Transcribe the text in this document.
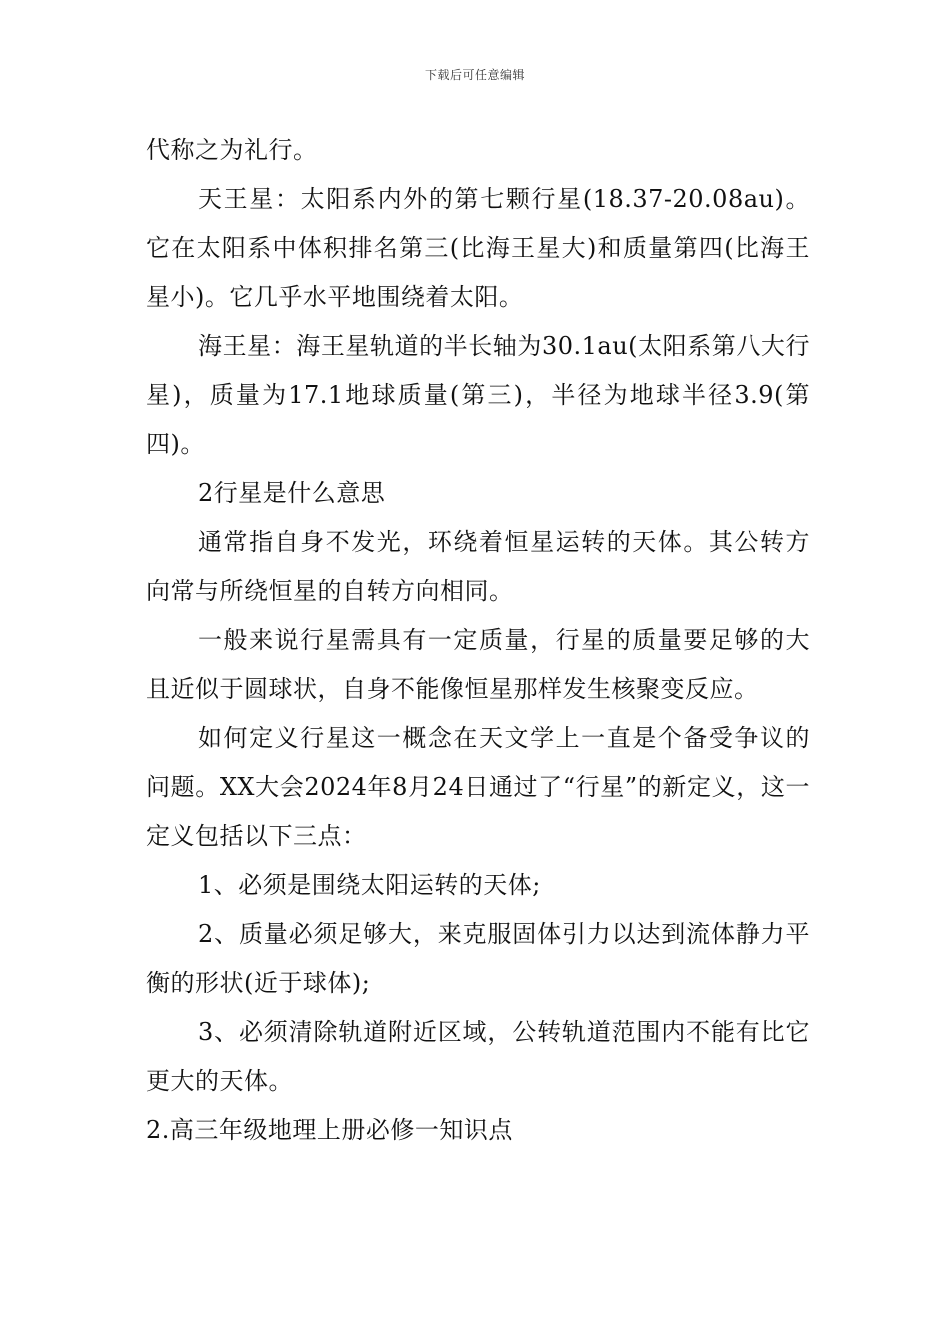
下载后可任意编辑

代称之为礼行。

天王星：太阳系内外的第七颗行星(18.37-20.08au)。它在太阳系中体积排名第三(比海王星大)和质量第四(比海王星小)。它几乎水平地围绕着太阳。

海王星：海王星轨道的半长轴为30.1au(太阳系第八大行星)，质量为17.1地球质量(第三)，半径为地球半径3.9(第四)。

2行星是什么意思

通常指自身不发光，环绕着恒星运转的天体。其公转方向常与所绕恒星的自转方向相同。

一般来说行星需具有一定质量，行星的质量要足够的大且近似于圆球状，自身不能像恒星那样发生核聚变反应。

如何定义行星这一概念在天文学上一直是个备受争议的问题。XX大会2024年8月24日通过了“行星”的新定义，这一定义包括以下三点：

1、必须是围绕太阳运转的天体;

2、质量必须足够大，来克服固体引力以达到流体静力平衡的形状(近于球体);

3、必须清除轨道附近区域，公转轨道范围内不能有比它更大的天体。

2.高三年级地理上册必修一知识点
